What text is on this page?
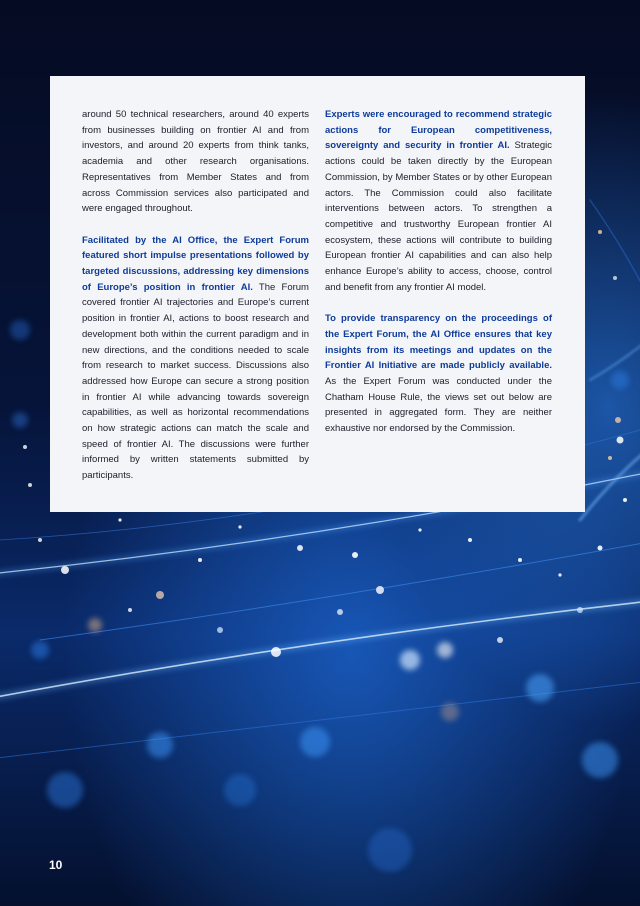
around 50 technical researchers, around 40 experts from businesses building on frontier AI and from investors, and around 20 experts from think tanks, academia and other research organisations. Representatives from Member States and from across Commission services also participated and were engaged throughout.

Facilitated by the AI Office, the Expert Forum featured short impulse presentations followed by targeted discussions, addressing key dimensions of Europe’s position in frontier AI. The Forum covered frontier AI trajectories and Europe’s current position in frontier AI, actions to boost research and development both within the current paradigm and in new directions, and the conditions needed to scale from research to market success. Discussions also addressed how Europe can secure a strong position in frontier AI while advancing towards sovereign capabilities, as well as horizontal recommendations on how strategic actions can match the scale and speed of frontier AI. The discussions were further informed by written statements submitted by participants.

Experts were encouraged to recommend strategic actions for European competitiveness, sovereignty and security in frontier AI. Strategic actions could be taken directly by the European Commission, by Member States or by other European actors. The Commission could also facilitate interventions between actors. To strengthen a competitive and trustworthy European frontier AI ecosystem, these actions will contribute to building European frontier AI capabilities and can also help enhance Europe’s ability to access, choose, control and benefit from any frontier AI model.

To provide transparency on the proceedings of the Expert Forum, the AI Office ensures that key insights from its meetings and updates on the Frontier AI Initiative are made publicly available. As the Expert Forum was conducted under the Chatham House Rule, the views set out below are presented in aggregated form. They are neither exhaustive nor endorsed by the Commission.

10
